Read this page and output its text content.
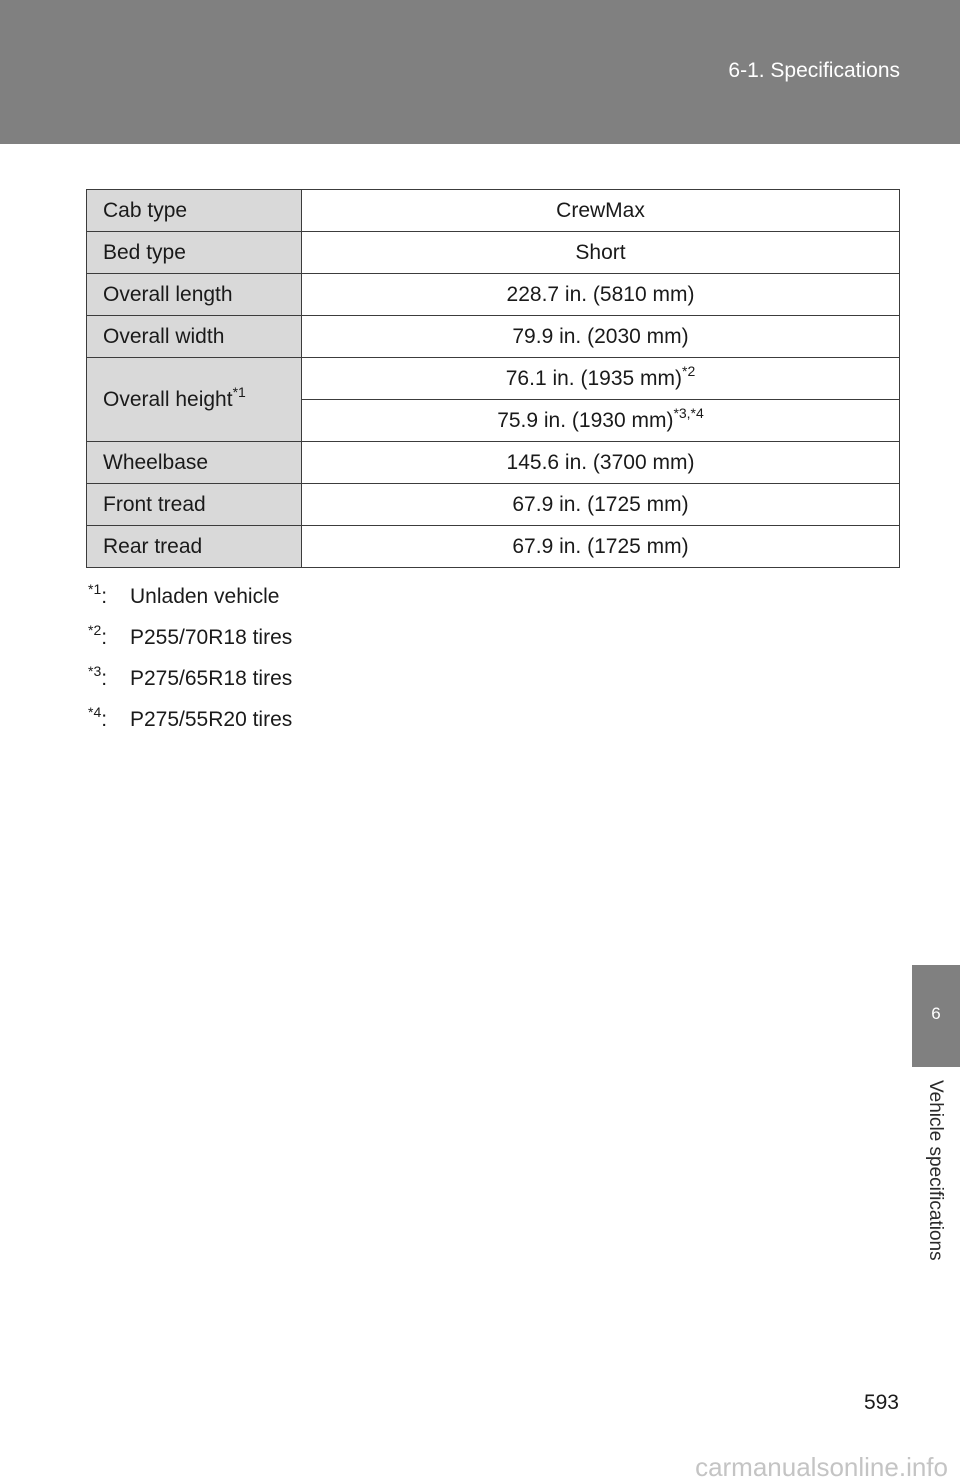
6-1. Specifications
6
Vehicle specifications
Cab type	CrewMax
Bed type	Short
Overall length	228.7 in. (5810 mm)
Overall width	79.9 in. (2030 mm)
Overall height$^{*1}$	76.1 in. (1935 mm)$^{*2}$
	75.9 in. (1930 mm)$^{*3,*4}$
Wheelbase	145.6 in. (3700 mm)
Front tread	67.9 in. (1725 mm)
Rear tread	67.9 in. (1725 mm)
$^{*1}$: Unladen vehicle
$^{*2}$: P255/70R18 tires
$^{*3}$: P275/65R18 tires
$^{*4}$: P275/55R20 tires
593
carmanualsonline.info
